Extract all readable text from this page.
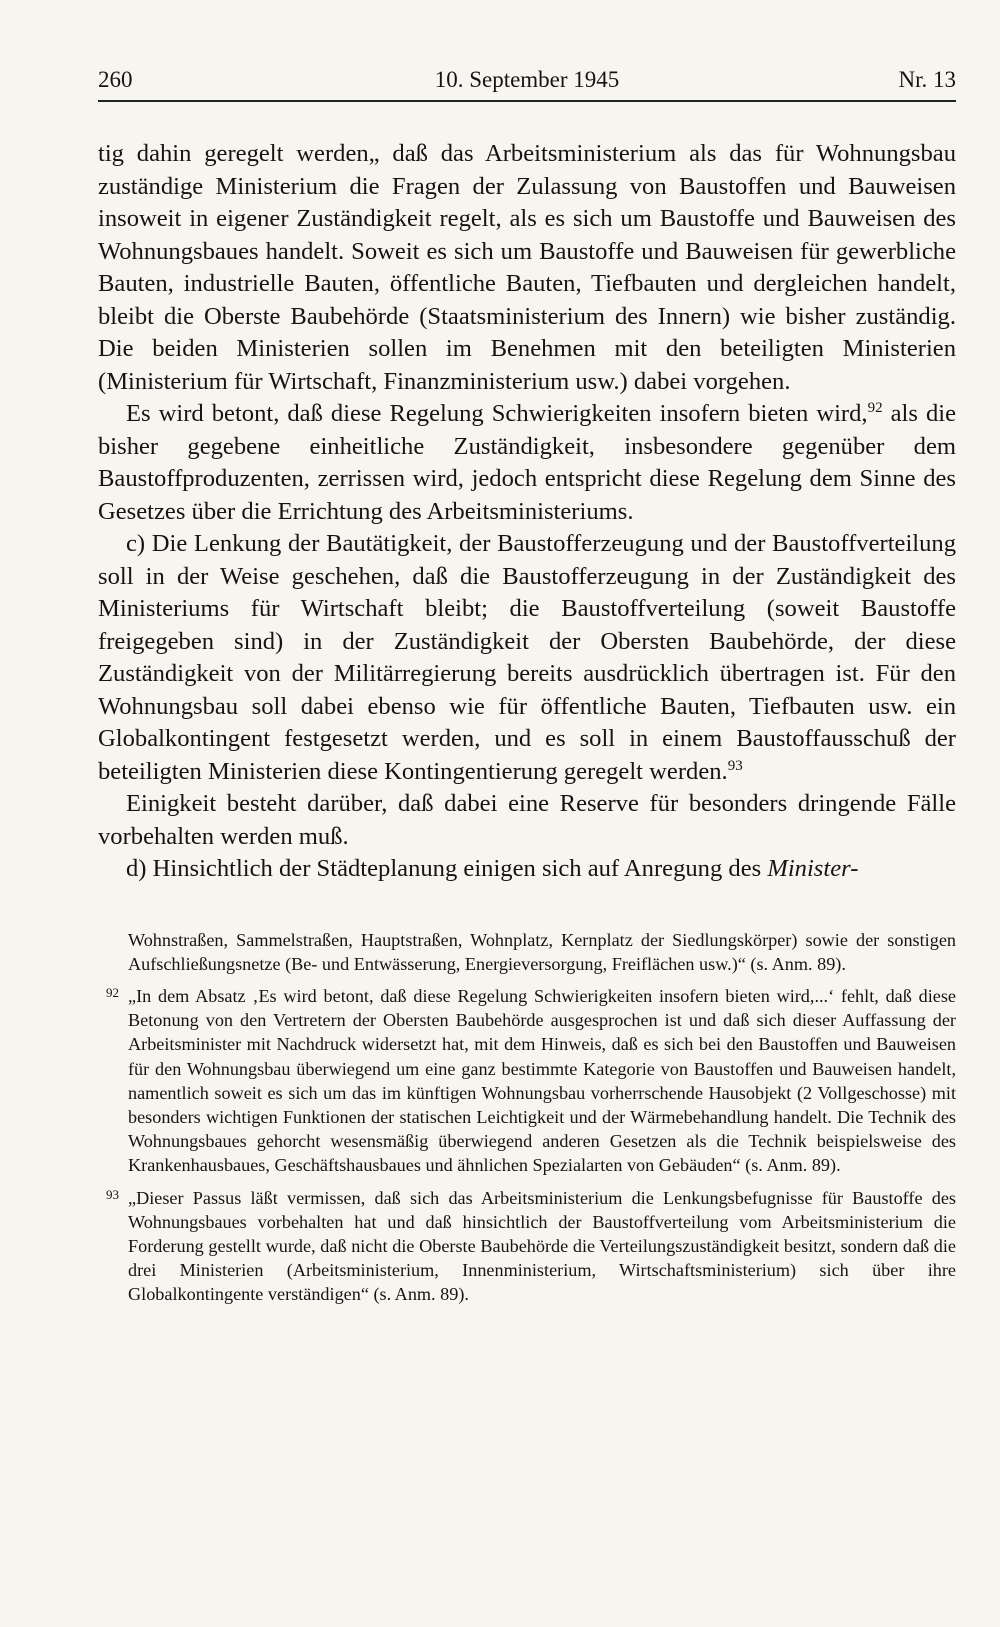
260	10. September 1945	Nr. 13

tig dahin geregelt werden„ daß das Arbeitsministerium als das für Wohnungsbau zuständige Ministerium die Fragen der Zulassung von Baustoffen und Bauweisen insoweit in eigener Zuständigkeit regelt, als es sich um Baustoffe und Bauweisen des Wohnungsbaues handelt. Soweit es sich um Baustoffe und Bauweisen für gewerbliche Bauten, industrielle Bauten, öffentliche Bauten, Tiefbauten und dergleichen handelt, bleibt die Oberste Baubehörde (Staatsministerium des Innern) wie bisher zuständig. Die beiden Ministerien sollen im Benehmen mit den beteiligten Ministerien (Ministerium für Wirtschaft, Finanzministerium usw.) dabei vorgehen.

Es wird betont, daß diese Regelung Schwierigkeiten insofern bieten wird,$^{92}$ als die bisher gegebene einheitliche Zuständigkeit, insbesondere gegenüber dem Baustoffproduzenten, zerrissen wird, jedoch entspricht diese Regelung dem Sinne des Gesetzes über die Errichtung des Arbeitsministeriums.

c) Die Lenkung der Bautätigkeit, der Baustofferzeugung und der Baustoffverteilung soll in der Weise geschehen, daß die Baustofferzeugung in der Zuständigkeit des Ministeriums für Wirtschaft bleibt; die Baustoffverteilung (soweit Baustoffe freigegeben sind) in der Zuständigkeit der Obersten Baubehörde, der diese Zuständigkeit von der Militärregierung bereits ausdrücklich übertragen ist. Für den Wohnungsbau soll dabei ebenso wie für öffentliche Bauten, Tiefbauten usw. ein Globalkontingent festgesetzt werden, und es soll in einem Baustoffausschuß der beteiligten Ministerien diese Kontingentierung geregelt werden.$^{93}$

Einigkeit besteht darüber, daß dabei eine Reserve für besonders dringende Fälle vorbehalten werden muß.

d) Hinsichtlich der Städteplanung einigen sich auf Anregung des Minister-

Wohnstraßen, Sammelstraßen, Hauptstraßen, Wohnplatz, Kernplatz der Siedlungskörper) sowie der sonstigen Aufschließungsnetze (Be- und Entwässerung, Energieversorgung, Freiflächen usw.)“ (s. Anm. 89).
92 „In dem Absatz ‚Es wird betont, daß diese Regelung Schwierigkeiten insofern bieten wird,...‘ fehlt, daß diese Betonung von den Vertretern der Obersten Baubehörde ausgesprochen ist und daß sich dieser Auffassung der Arbeitsminister mit Nachdruck widersetzt hat, mit dem Hinweis, daß es sich bei den Baustoffen und Bauweisen für den Wohnungsbau überwiegend um eine ganz bestimmte Kategorie von Baustoffen und Bauweisen handelt, namentlich soweit es sich um das im künftigen Wohnungsbau vorherrschende Hausobjekt (2 Vollgeschosse) mit besonders wichtigen Funktionen der statischen Leichtigkeit und der Wärmebehandlung handelt. Die Technik des Wohnungsbaues gehorcht wesensmäßig überwiegend anderen Gesetzen als die Technik beispielsweise des Krankenhausbaues, Geschäftshausbaues und ähnlichen Spezialarten von Gebäuden“ (s. Anm. 89).
93 „Dieser Passus läßt vermissen, daß sich das Arbeitsministerium die Lenkungsbefugnisse für Baustoffe des Wohnungsbaues vorbehalten hat und daß hinsichtlich der Baustoffverteilung vom Arbeitsministerium die Forderung gestellt wurde, daß nicht die Oberste Baubehörde die Verteilungszuständigkeit besitzt, sondern daß die drei Ministerien (Arbeitsministerium, Innenministerium, Wirtschaftsministerium) sich über ihre Globalkontingente verständigen“ (s. Anm. 89).
